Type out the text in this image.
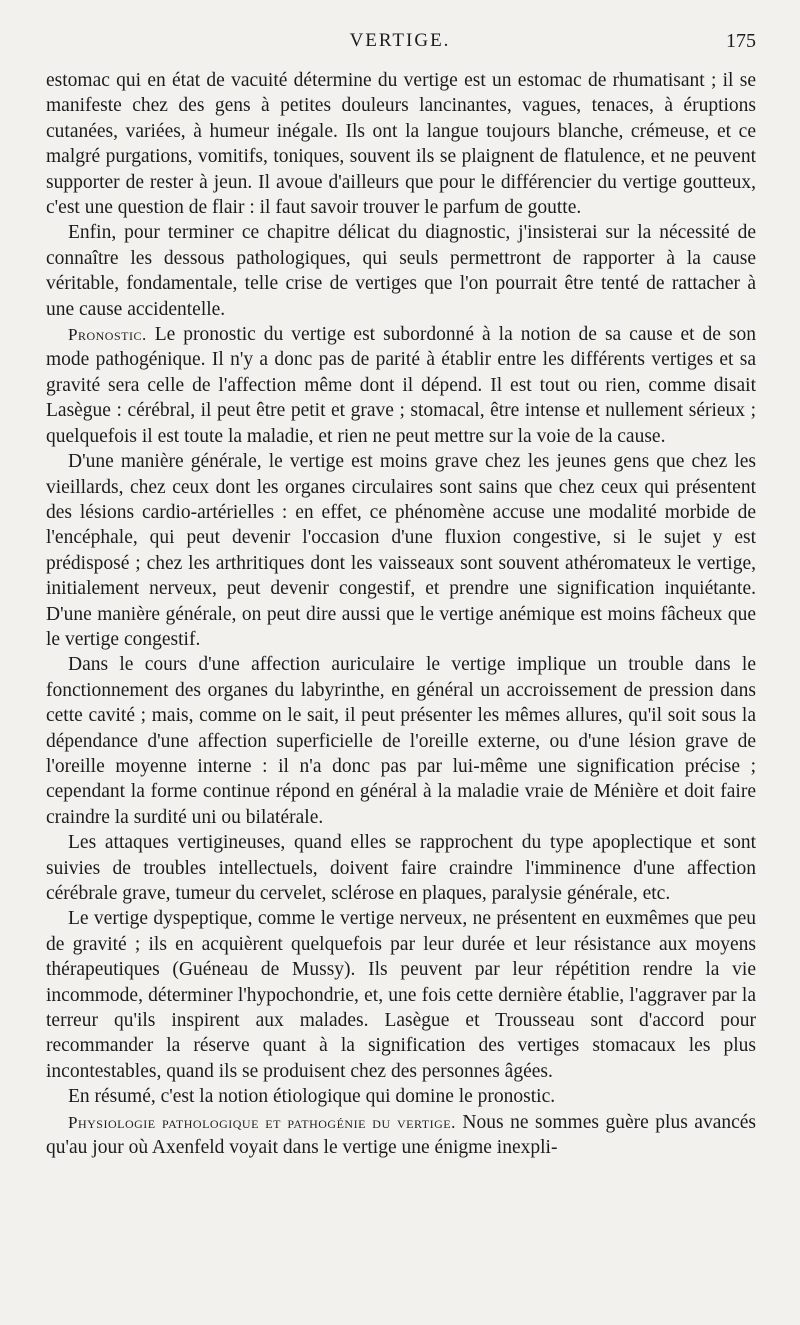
VERTIGE.	175

estomac qui en état de vacuité détermine du vertige est un estomac de rhumatisant ; il se manifeste chez des gens à petites douleurs lancinantes, vagues, tenaces, à éruptions cutanées, variées, à humeur inégale. Ils ont la langue toujours blanche, crémeuse, et ce malgré purgations, vomitifs, toniques, souvent ils se plaignent de flatulence, et ne peuvent supporter de rester à jeun. Il avoue d'ailleurs que pour le différencier du vertige goutteux, c'est une question de flair : il faut savoir trouver le parfum de goutte.

Enfin, pour terminer ce chapitre délicat du diagnostic, j'insisterai sur la nécessité de connaître les dessous pathologiques, qui seuls permettront de rapporter à la cause véritable, fondamentale, telle crise de vertiges que l'on pourrait être tenté de rattacher à une cause accidentelle.

Pronostic. Le pronostic du vertige est subordonné à la notion de sa cause et de son mode pathogénique. Il n'y a donc pas de parité à établir entre les différents vertiges et sa gravité sera celle de l'affection même dont il dépend. Il est tout ou rien, comme disait Lasègue : cérébral, il peut être petit et grave ; stomacal, être intense et nullement sérieux ; quelquefois il est toute la maladie, et rien ne peut mettre sur la voie de la cause.

D'une manière générale, le vertige est moins grave chez les jeunes gens que chez les vieillards, chez ceux dont les organes circulaires sont sains que chez ceux qui présentent des lésions cardio-artérielles : en effet, ce phénomène accuse une modalité morbide de l'encéphale, qui peut devenir l'occasion d'une fluxion congestive, si le sujet y est prédisposé ; chez les arthritiques dont les vaisseaux sont souvent athéromateux le vertige, initialement nerveux, peut devenir congestif, et prendre une signification inquiétante. D'une manière générale, on peut dire aussi que le vertige anémique est moins fâcheux que le vertige congestif.

Dans le cours d'une affection auriculaire le vertige implique un trouble dans le fonctionnement des organes du labyrinthe, en général un accroissement de pression dans cette cavité ; mais, comme on le sait, il peut présenter les mêmes allures, qu'il soit sous la dépendance d'une affection superficielle de l'oreille externe, ou d'une lésion grave de l'oreille moyenne interne : il n'a donc pas par lui-même une signification précise ; cependant la forme continue répond en général à la maladie vraie de Ménière et doit faire craindre la surdité uni ou bilatérale.

Les attaques vertigineuses, quand elles se rapprochent du type apoplectique et sont suivies de troubles intellectuels, doivent faire craindre l'imminence d'une affection cérébrale grave, tumeur du cervelet, sclérose en plaques, paralysie générale, etc.

Le vertige dyspeptique, comme le vertige nerveux, ne présentent en euxmêmes que peu de gravité ; ils en acquièrent quelquefois par leur durée et leur résistance aux moyens thérapeutiques (Guéneau de Mussy). Ils peuvent par leur répétition rendre la vie incommode, déterminer l'hypochondrie, et, une fois cette dernière établie, l'aggraver par la terreur qu'ils inspirent aux malades. Lasègue et Trousseau sont d'accord pour recommander la réserve quant à la signification des vertiges stomacaux les plus incontestables, quand ils se produisent chez des personnes âgées.

En résumé, c'est la notion étiologique qui domine le pronostic.

Physiologie pathologique et pathogénie du vertige. Nous ne sommes guère plus avancés qu'au jour où Axenfeld voyait dans le vertige une énigme inexpli-
